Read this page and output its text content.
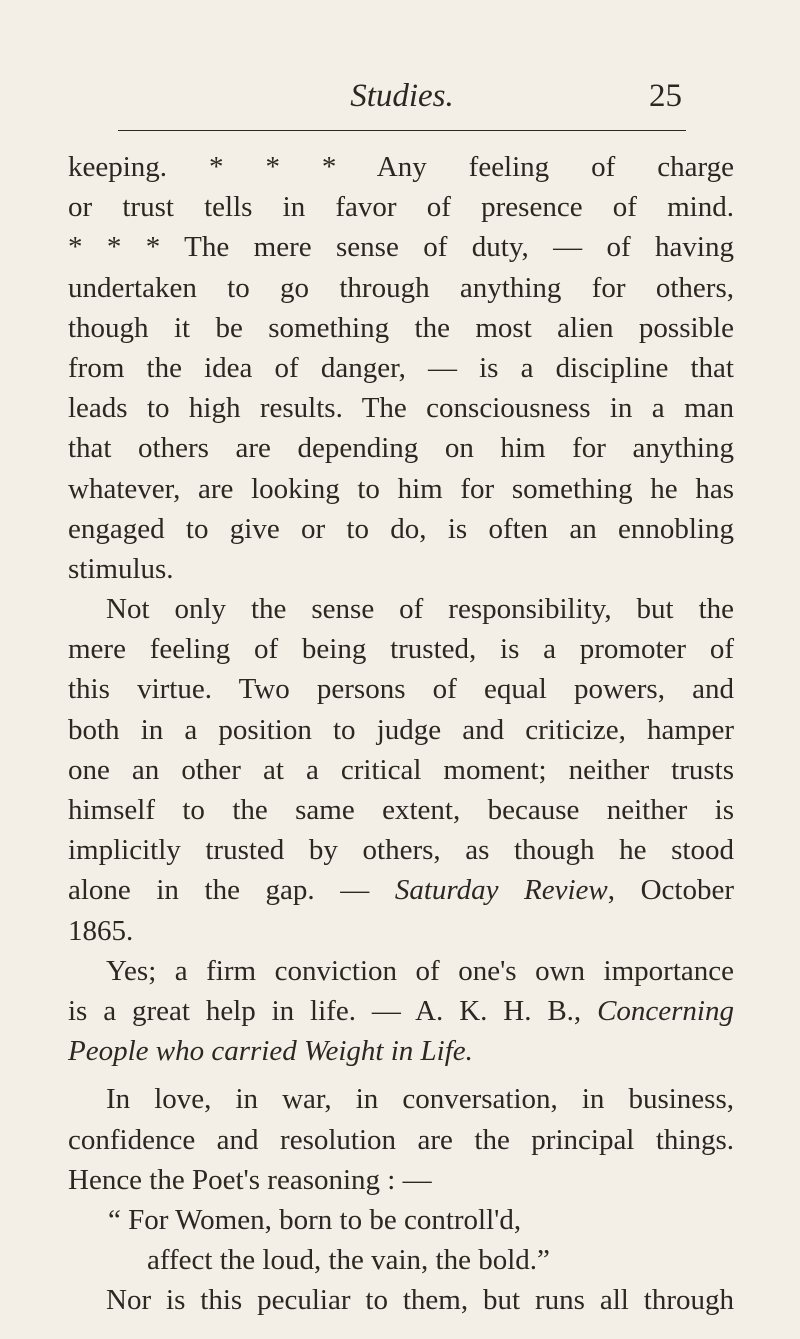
Studies.	25
keeping. * * * Any feeling of charge
or trust tells in favor of presence of mind.
* * * The mere sense of duty, — of having
undertaken to go through anything for others,
though it be something the most alien possible
from the idea of danger, — is a discipline that
leads to high results. The consciousness in a man
that others are depending on him for anything
whatever, are looking to him for something he has
engaged to give or to do, is often an ennobling
stimulus.
Not only the sense of responsibility, but the
mere feeling of being trusted, is a promoter of
this virtue. Two persons of equal powers, and
both in a position to judge and criticize, hamper
one an other at a critical moment; neither trusts
himself to the same extent, because neither is
implicitly trusted by others, as though he stood
alone in the gap. — Saturday Review, October
1865.
Yes; a firm conviction of one's own importance
is a great help in life. — A. K. H. B., Concerning
People who carried Weight in Life.
In love, in war, in conversation, in business,
confidence and resolution are the principal things.
Hence the Poet's reasoning : —
“ For Women, born to be controll'd,
affect the loud, the vain, the bold.”
Nor is this peculiar to them, but runs all through
